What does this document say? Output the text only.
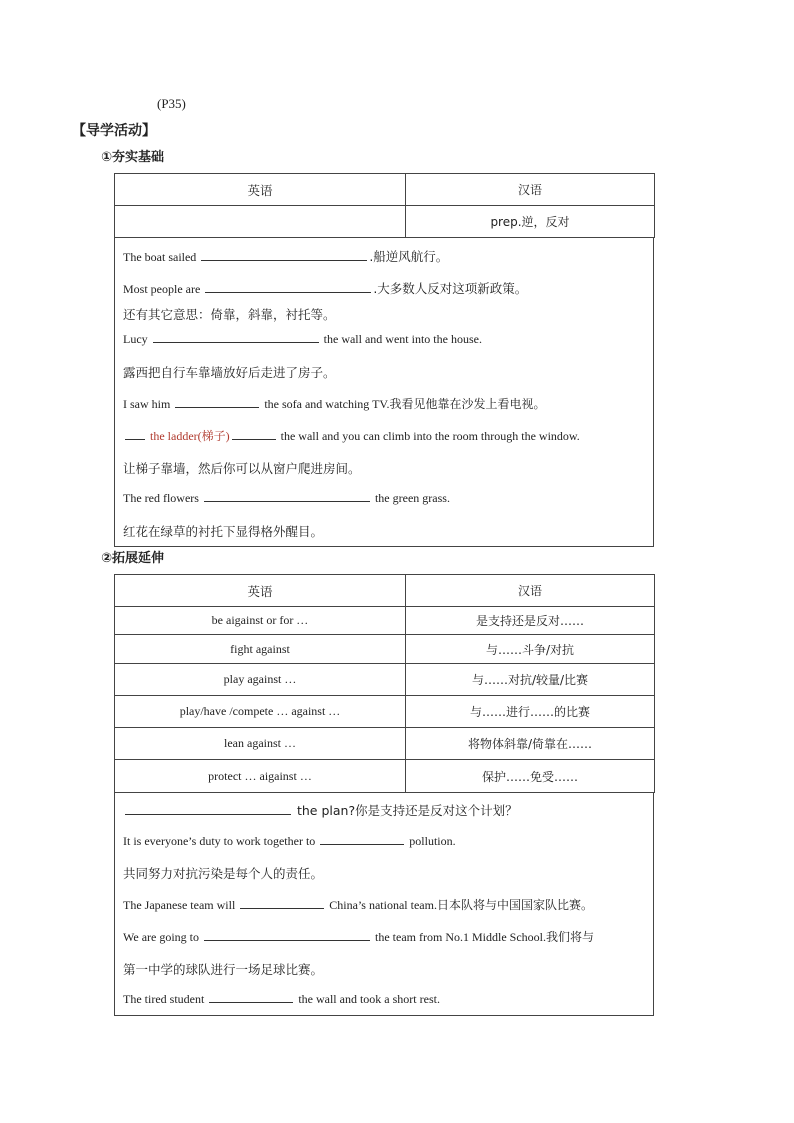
(P35)
【导学活动】
①夯实基础
英语	汉语
	prep.逆，反对
The boat sailed	.船逆风航行。
Most people are	.大多数人反对这项新政策。
还有其它意思：倚靠，斜靠，衬托等。
Lucy	the wall and went into the house.
露西把自行车靠墙放好后走进了房子。
I saw him	the sofa and watching TV.我看见他靠在沙发上看电视。
the ladder(梯子)	the wall and you can climb into the room through the window.
让梯子靠墙，然后你可以从窗户爬进房间。
The red flowers	the green grass.
红花在绿草的衬托下显得格外醒目。
②拓展延伸
英语	汉语
be aigainst or for …	是支持还是反对……
fight against	与……斗争/对抗
play against …	与……对抗/较量/比赛
play/have /compete … against …	与……进行……的比赛
lean against …	将物体斜靠/倚靠在……
protect … aigainst …	保护……免受……
the plan?你是支持还是反对这个计划？
It is everyone’s duty to work together to	pollution.
共同努力对抗污染是每个人的责任。
The Japanese team will	China’s national team.日本队将与中国国家队比赛。
We are going to	the team from No.1 Middle School.我们将与
第一中学的球队进行一场足球比赛。
The tired student	the wall and took a short rest.
